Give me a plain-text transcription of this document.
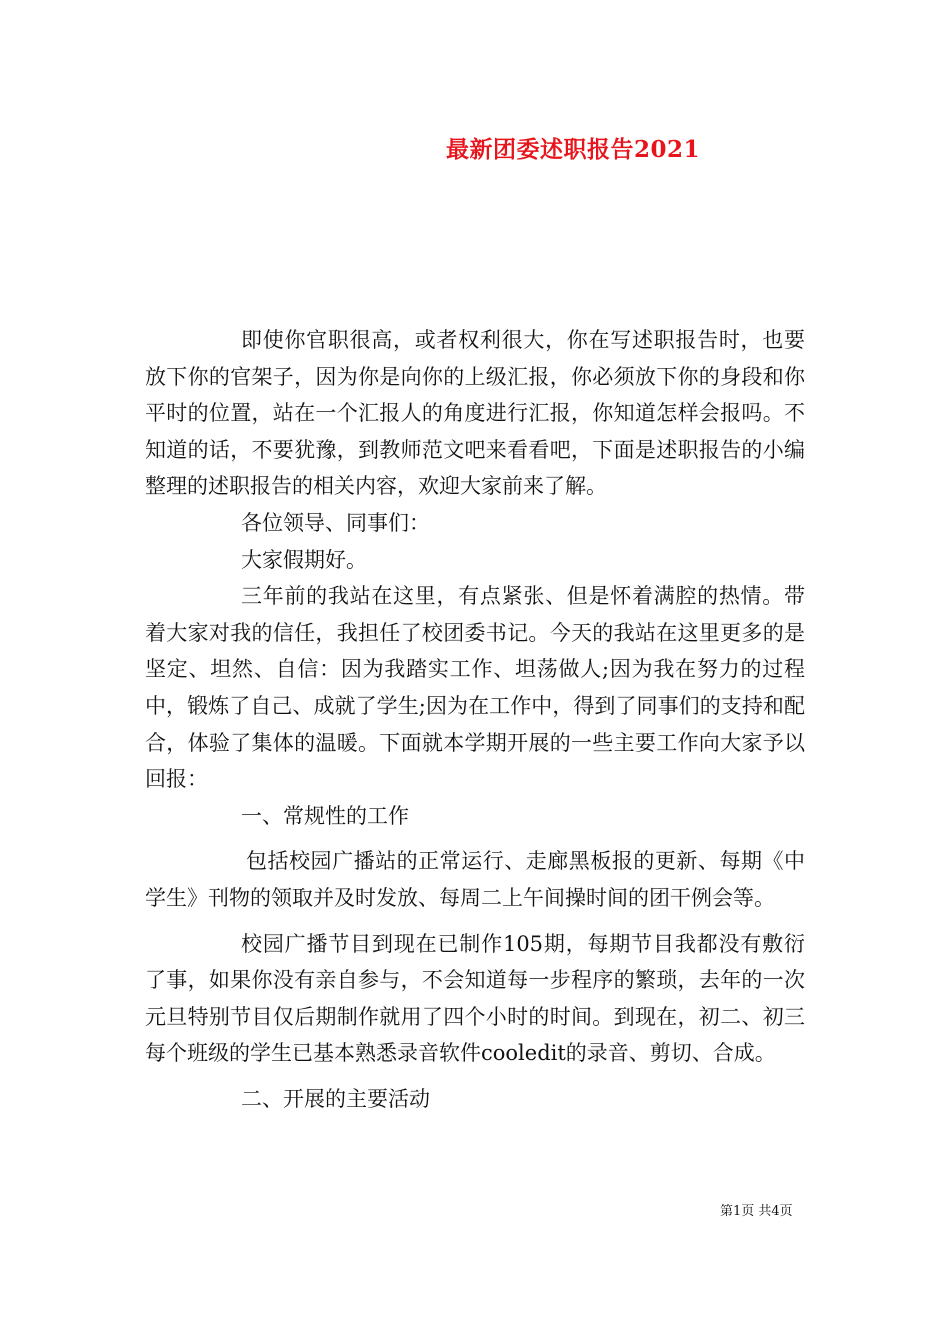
最新团委述职报告2021

即使你官职很高，或者权利很大，你在写述职报告时，也要放下你的官架子，因为你是向你的上级汇报，你必须放下你的身段和你平时的位置，站在一个汇报人的角度进行汇报，你知道怎样会报吗。不知道的话，不要犹豫，到教师范文吧来看看吧，下面是述职报告的小编整理的述职报告的相关内容，欢迎大家前来了解。

各位领导、同事们：

大家假期好。

三年前的我站在这里，有点紧张、但是怀着满腔的热情。带着大家对我的信任，我担任了校团委书记。今天的我站在这里更多的是坚定、坦然、自信：因为我踏实工作、坦荡做人;因为我在努力的过程中，锻炼了自己、成就了学生;因为在工作中，得到了同事们的支持和配合，体验了集体的温暖。下面就本学期开展的一些主要工作向大家予以回报：

一、常规性的工作

包括校园广播站的正常运行、走廊黑板报的更新、每期《中学生》刊物的领取并及时发放、每周二上午间操时间的团干例会等。

校园广播节目到现在已制作105期，每期节目我都没有敷衍了事，如果你没有亲自参与，不会知道每一步程序的繁琐，去年的一次元旦特别节目仅后期制作就用了四个小时的时间。到现在，初二、初三每个班级的学生已基本熟悉录音软件cooledit的录音、剪切、合成。

二、开展的主要活动

第1页 共4页
